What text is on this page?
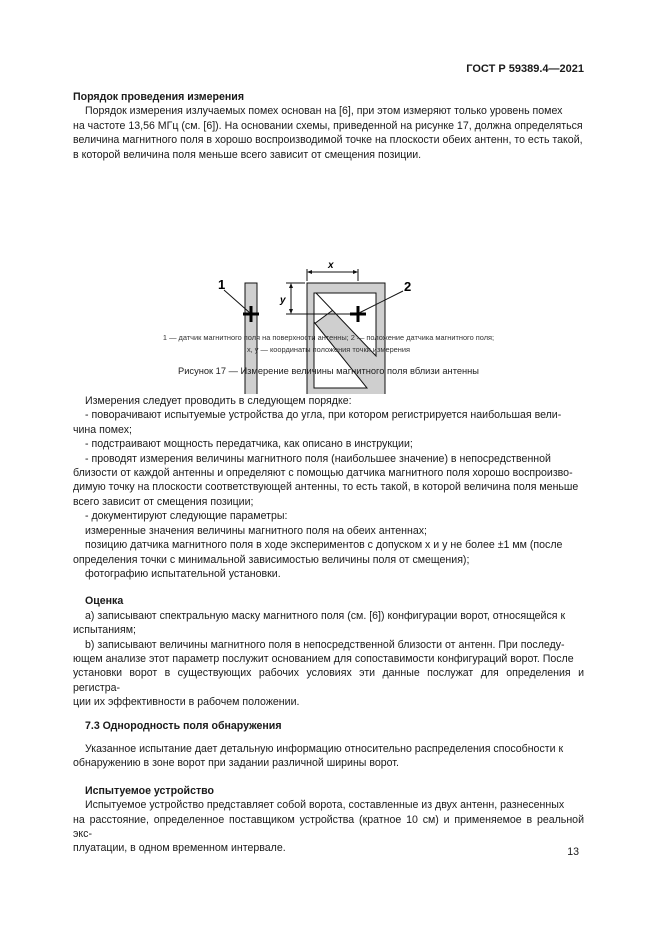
ГОСТ Р 59389.4—2021

Порядок проведения измерения

Порядок измерения излучаемых помех основан на [6], при этом измеряют только уровень помех

на частоте 13,56 МГц (см. [6]). На основании схемы, приведенной на рисунке 17, должна определяться

величина магнитного поля в хорошо воспроизводимой точке на плоскости обеих антенн, то есть такой,

в которой величина поля меньше всего зависит от смещения позиции.

1	2
x
y
1 — датчик магнитного поля на поверхности антенны; 2 — положение датчика магнитного поля;
x, y — координаты положения точки измерения
Рисунок 17 — Измерение величины магнитного поля вблизи антенны

Измерения следует проводить в следующем порядке:

- поворачивают испытуемые устройства до угла, при котором регистрируется наибольшая вели-

чина помех;

- подстраивают мощность передатчика, как описано в инструкции;

- проводят измерения величины магнитного поля (наибольшее значение) в непосредственной

близости от каждой антенны и определяют с помощью датчика магнитного поля хорошо воспроизво-

димую точку на плоскости соответствующей антенны, то есть такой, в которой величина поля меньше

всего зависит от смещения позиции;

- документируют следующие параметры:

измеренные значения величины магнитного поля на обеих антеннах;

позицию датчика магнитного поля в ходе экспериментов с допуском x и y не более ±1 мм (после

определения точки с минимальной зависимостью величины поля от смещения);

фотографию испытательной установки.

Оценка

а) записывают спектральную маску магнитного поля (см. [6]) конфигурации ворот, относящейся к

испытаниям;

b) записывают величины магнитного поля в непосредственной близости от антенн. При последу-

ющем анализе этот параметр послужит основанием для сопоставимости конфигураций ворот. После

установки ворот в существующих рабочих условиях эти данные послужат для определения и регистра-

ции их эффективности в рабочем положении.

7.3 Однородность поля обнаружения

Указанное испытание дает детальную информацию относительно распределения способности к

обнаружению в зоне ворот при задании различной ширины ворот.

Испытуемое устройство

Испытуемое устройство представляет собой ворота, составленные из двух антенн, разнесенных

на расстояние, определенное поставщиком устройства (кратное 10 см) и применяемое в реальной экс-

плуатации, в одном временном интервале.	13
